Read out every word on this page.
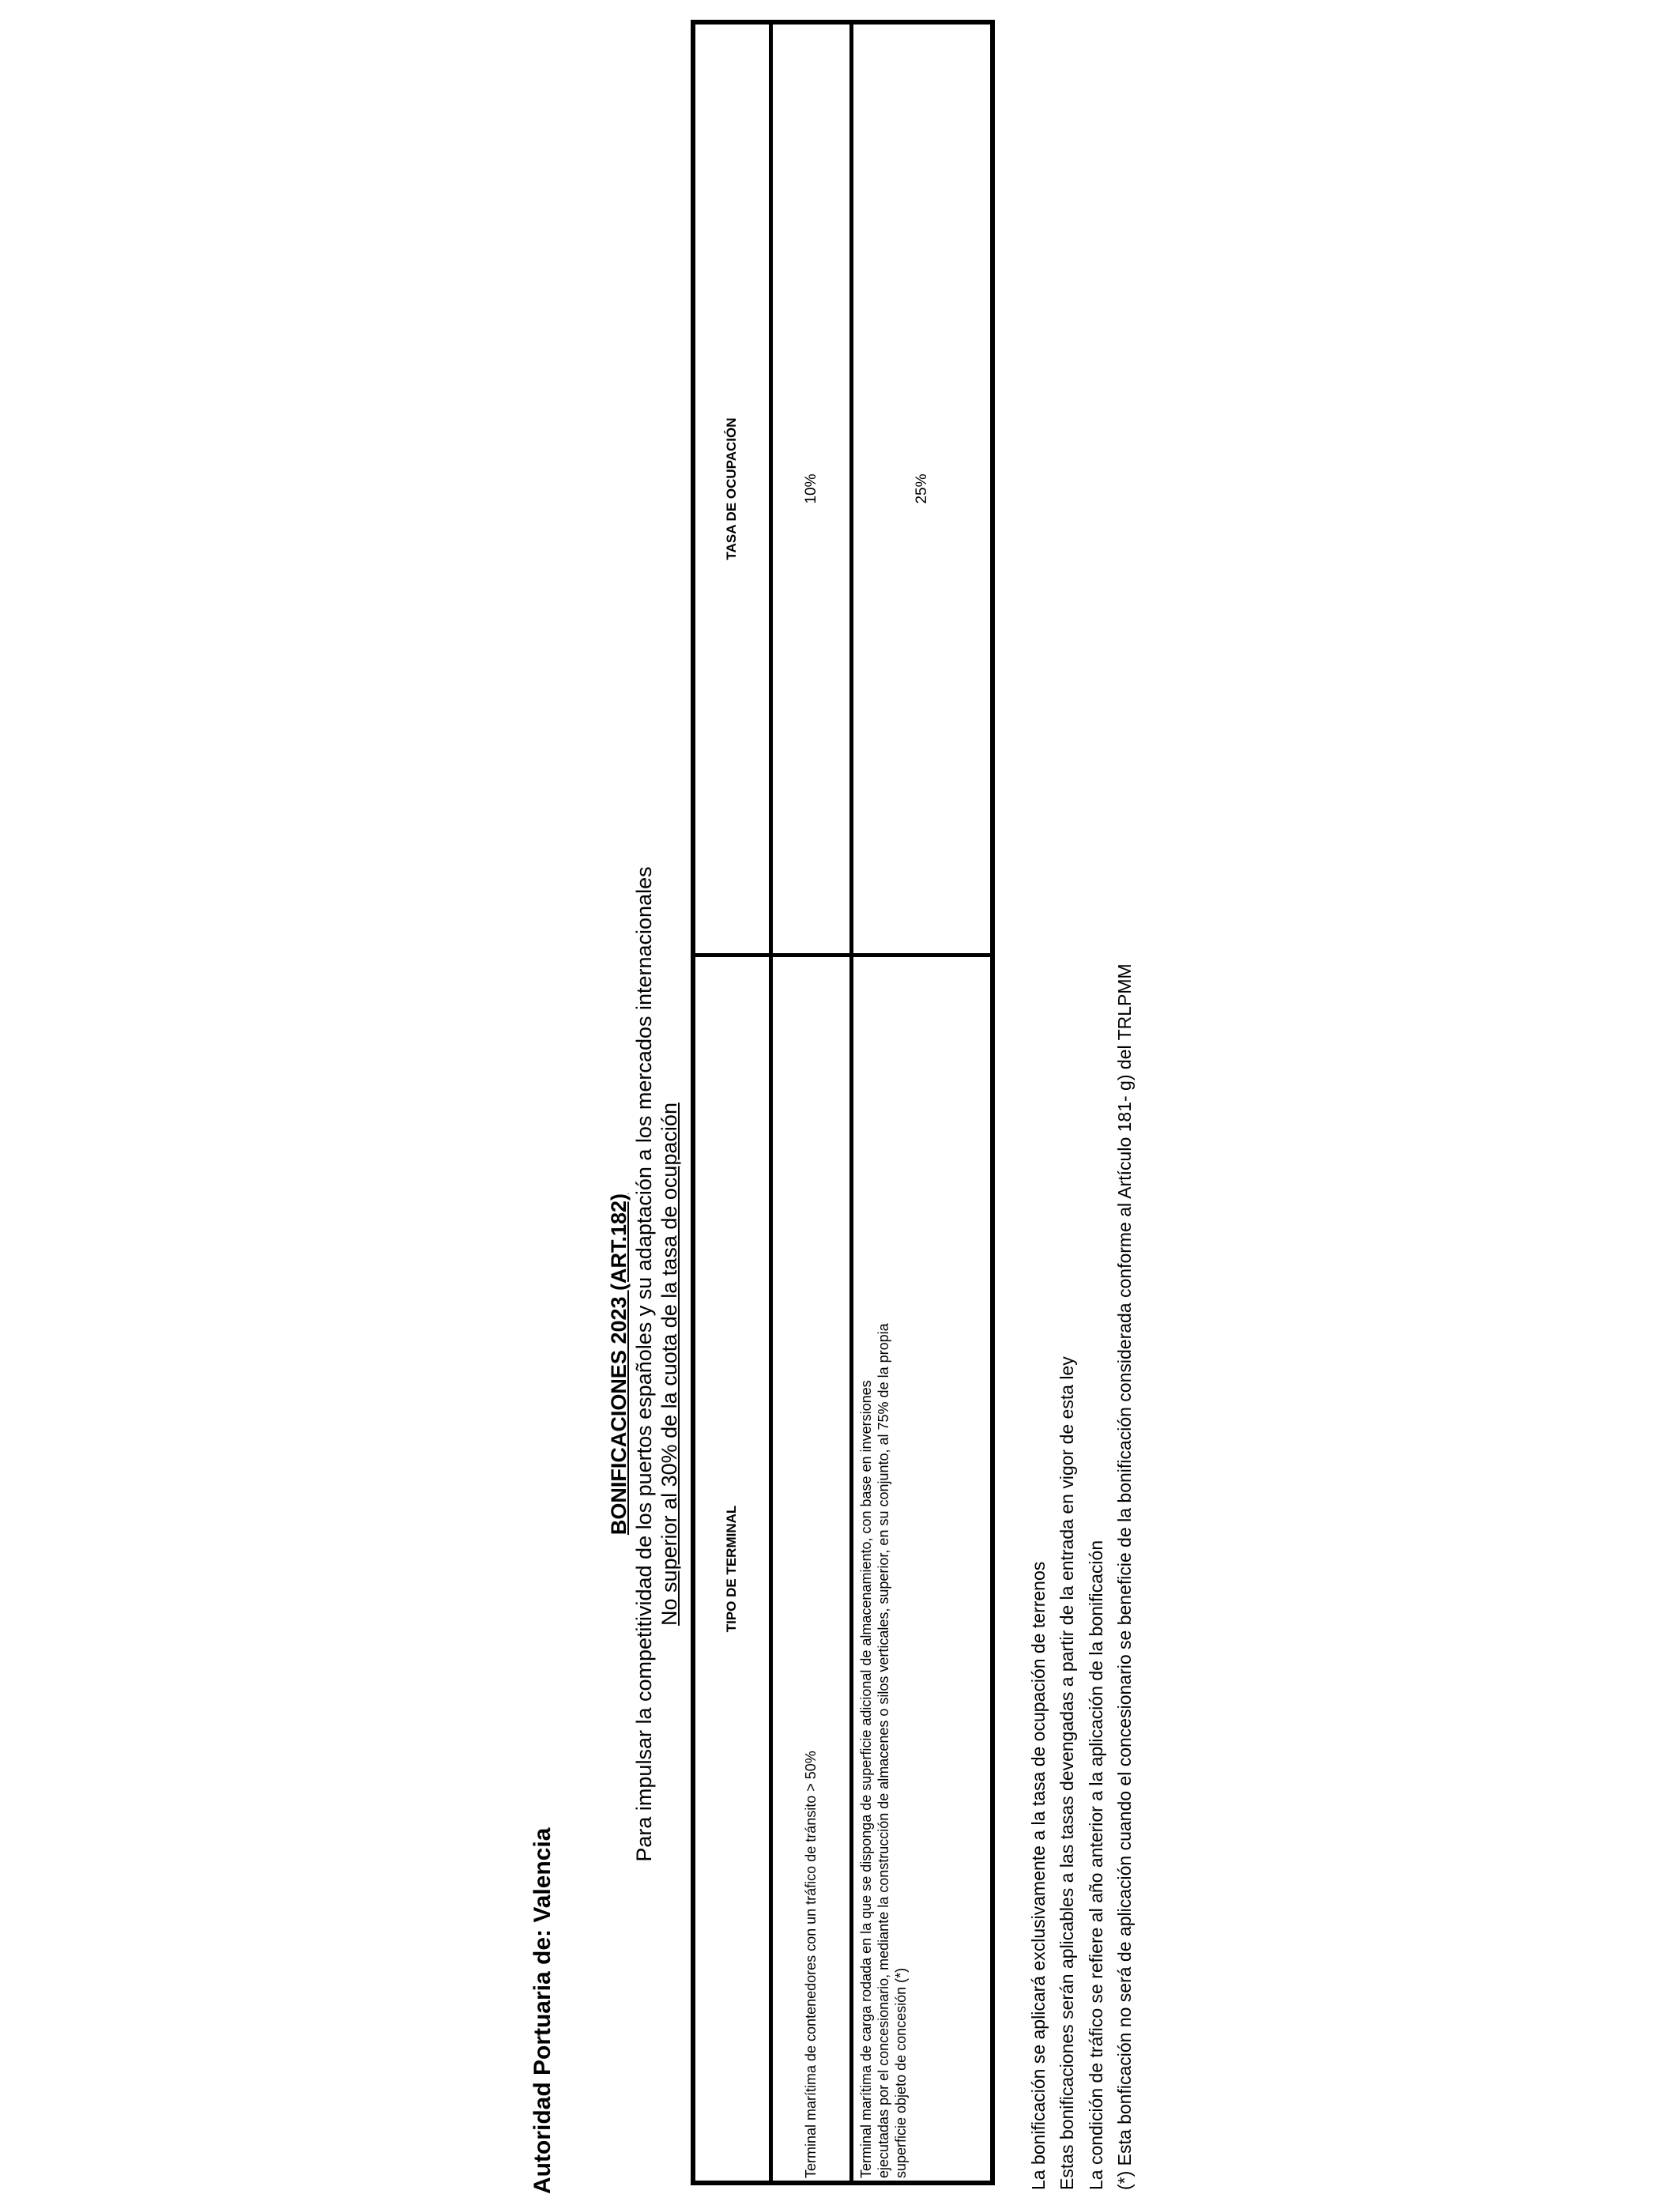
Autoridad Portuaria de: Valencia
BONIFICACIONES 2023 (ART.182) Para impulsar la competitividad de los puertos españoles y su adaptación a los mercados internacionales No superior al 30% de la cuota de la tasa de ocupación	TIPO DE TERMINAL
TASA DE OCUPACIÓN
Terminal marítima de contenedores con un tráfico de tránsito > 50%
10%
Terminal marítima de carga rodada en la que se disponga de superficie adicional de almacenamiento, con base en inversiones ejecutadas por el concesionario, mediante la construcción de almacenes o silos verticales, superior, en su conjunto, al 75% de la propia superficie objeto de concesión (*)
25%
La bonificación se aplicará exclusivamente a la tasa de ocupación de terrenos Estas bonificaciones serán aplicables a las tasas devengadas a partir de la entrada en vigor de esta ley La condición de tráfico se refiere al año anterior a la aplicación de la bonificación (*) Esta bonficación no será de aplicación cuando el concesionario se beneficie de la bonificación considerada conforme al Artículo 181- g) del TRLPMM
